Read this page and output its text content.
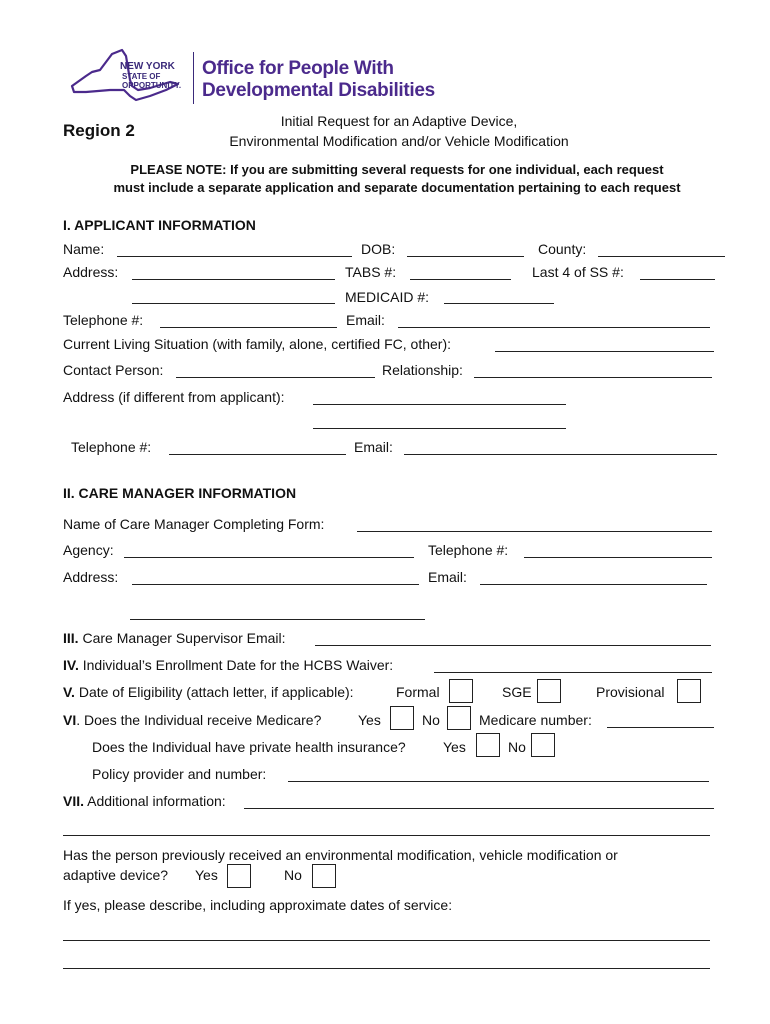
NEW YORK
STATE OF
OPPORTUNITY.
Office for People With
Developmental Disabilities
Region 2	Initial Request for an Adaptive Device,
Environmental Modification and/or Vehicle Modification
PLEASE NOTE: If you are submitting several requests for one individual, each request
must include a separate application and separate documentation pertaining to each request
I. APPLICANT INFORMATION
Name:	DOB:	County:
Address:	TABS #:	Last 4 of SS #:
MEDICAID #:
Telephone #:	Email:
Current Living Situation (with family, alone, certified FC, other):
Contact Person:	Relationship:
Address (if different from applicant):
Telephone #:	Email:
II. CARE MANAGER INFORMATION
Name of Care Manager Completing Form:
Agency:	Telephone #:
Address:	Email:
III. Care Manager Supervisor Email:
IV. Individual’s Enrollment Date for the HCBS Waiver:
V. Date of Eligibility (attach letter, if applicable):	Formal	SGE	Provisional
VI. Does the Individual receive Medicare?	Yes	No	Medicare number:
Does the Individual have private health insurance?	Yes	No
Policy provider and number:
VII. Additional information:
Has the person previously received an environmental modification, vehicle modification or
adaptive device? Yes	No
If yes, please describe, including approximate dates of service:
